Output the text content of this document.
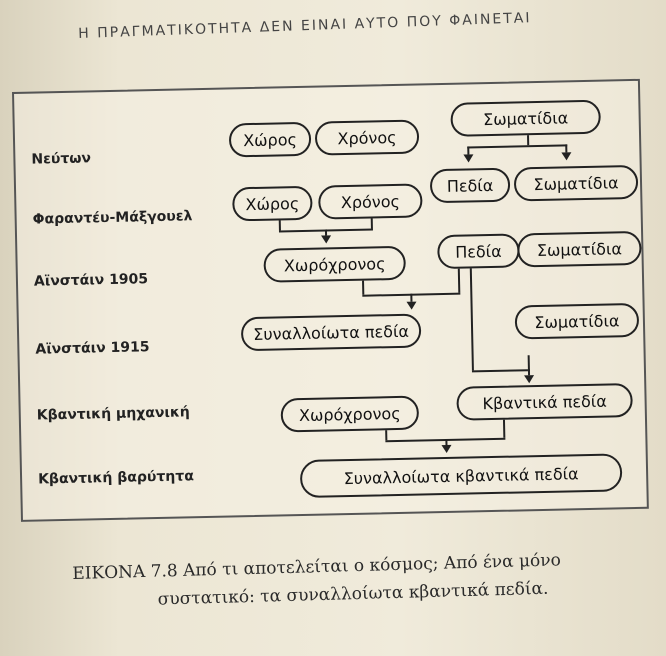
Η ΠΡΑΓΜΑΤΙΚΟΤΗΤΑ ΔΕΝ ΕΙΝΑΙ ΑΥΤΟ ΠΟΥ ΦΑΙΝΕΤΑΙ
Νεύτων
Φαραντέυ-Μάξγουελ
Αϊνστάιν 1905
Αϊνστάιν 1915
Κβαντική μηχανική
Κβαντική βαρύτητα
Χώρος	Χρόνος
Σωματίδια
Χώρος	Χρόνος
Πεδία	Σωματίδια
Χωρόχρονος
Πεδία	Σωματίδια
Συναλλοίωτα πεδία
Σωματίδια
Χωρόχρονος
Κβαντικά πεδία
Συναλλοίωτα κβαντικά πεδία
ΕΙΚΟΝΑ 7.8 Από τι αποτελείται ο κόσμος; Από ένα μόνο
συστατικό: τα συναλλοίωτα κβαντικά πεδία.
